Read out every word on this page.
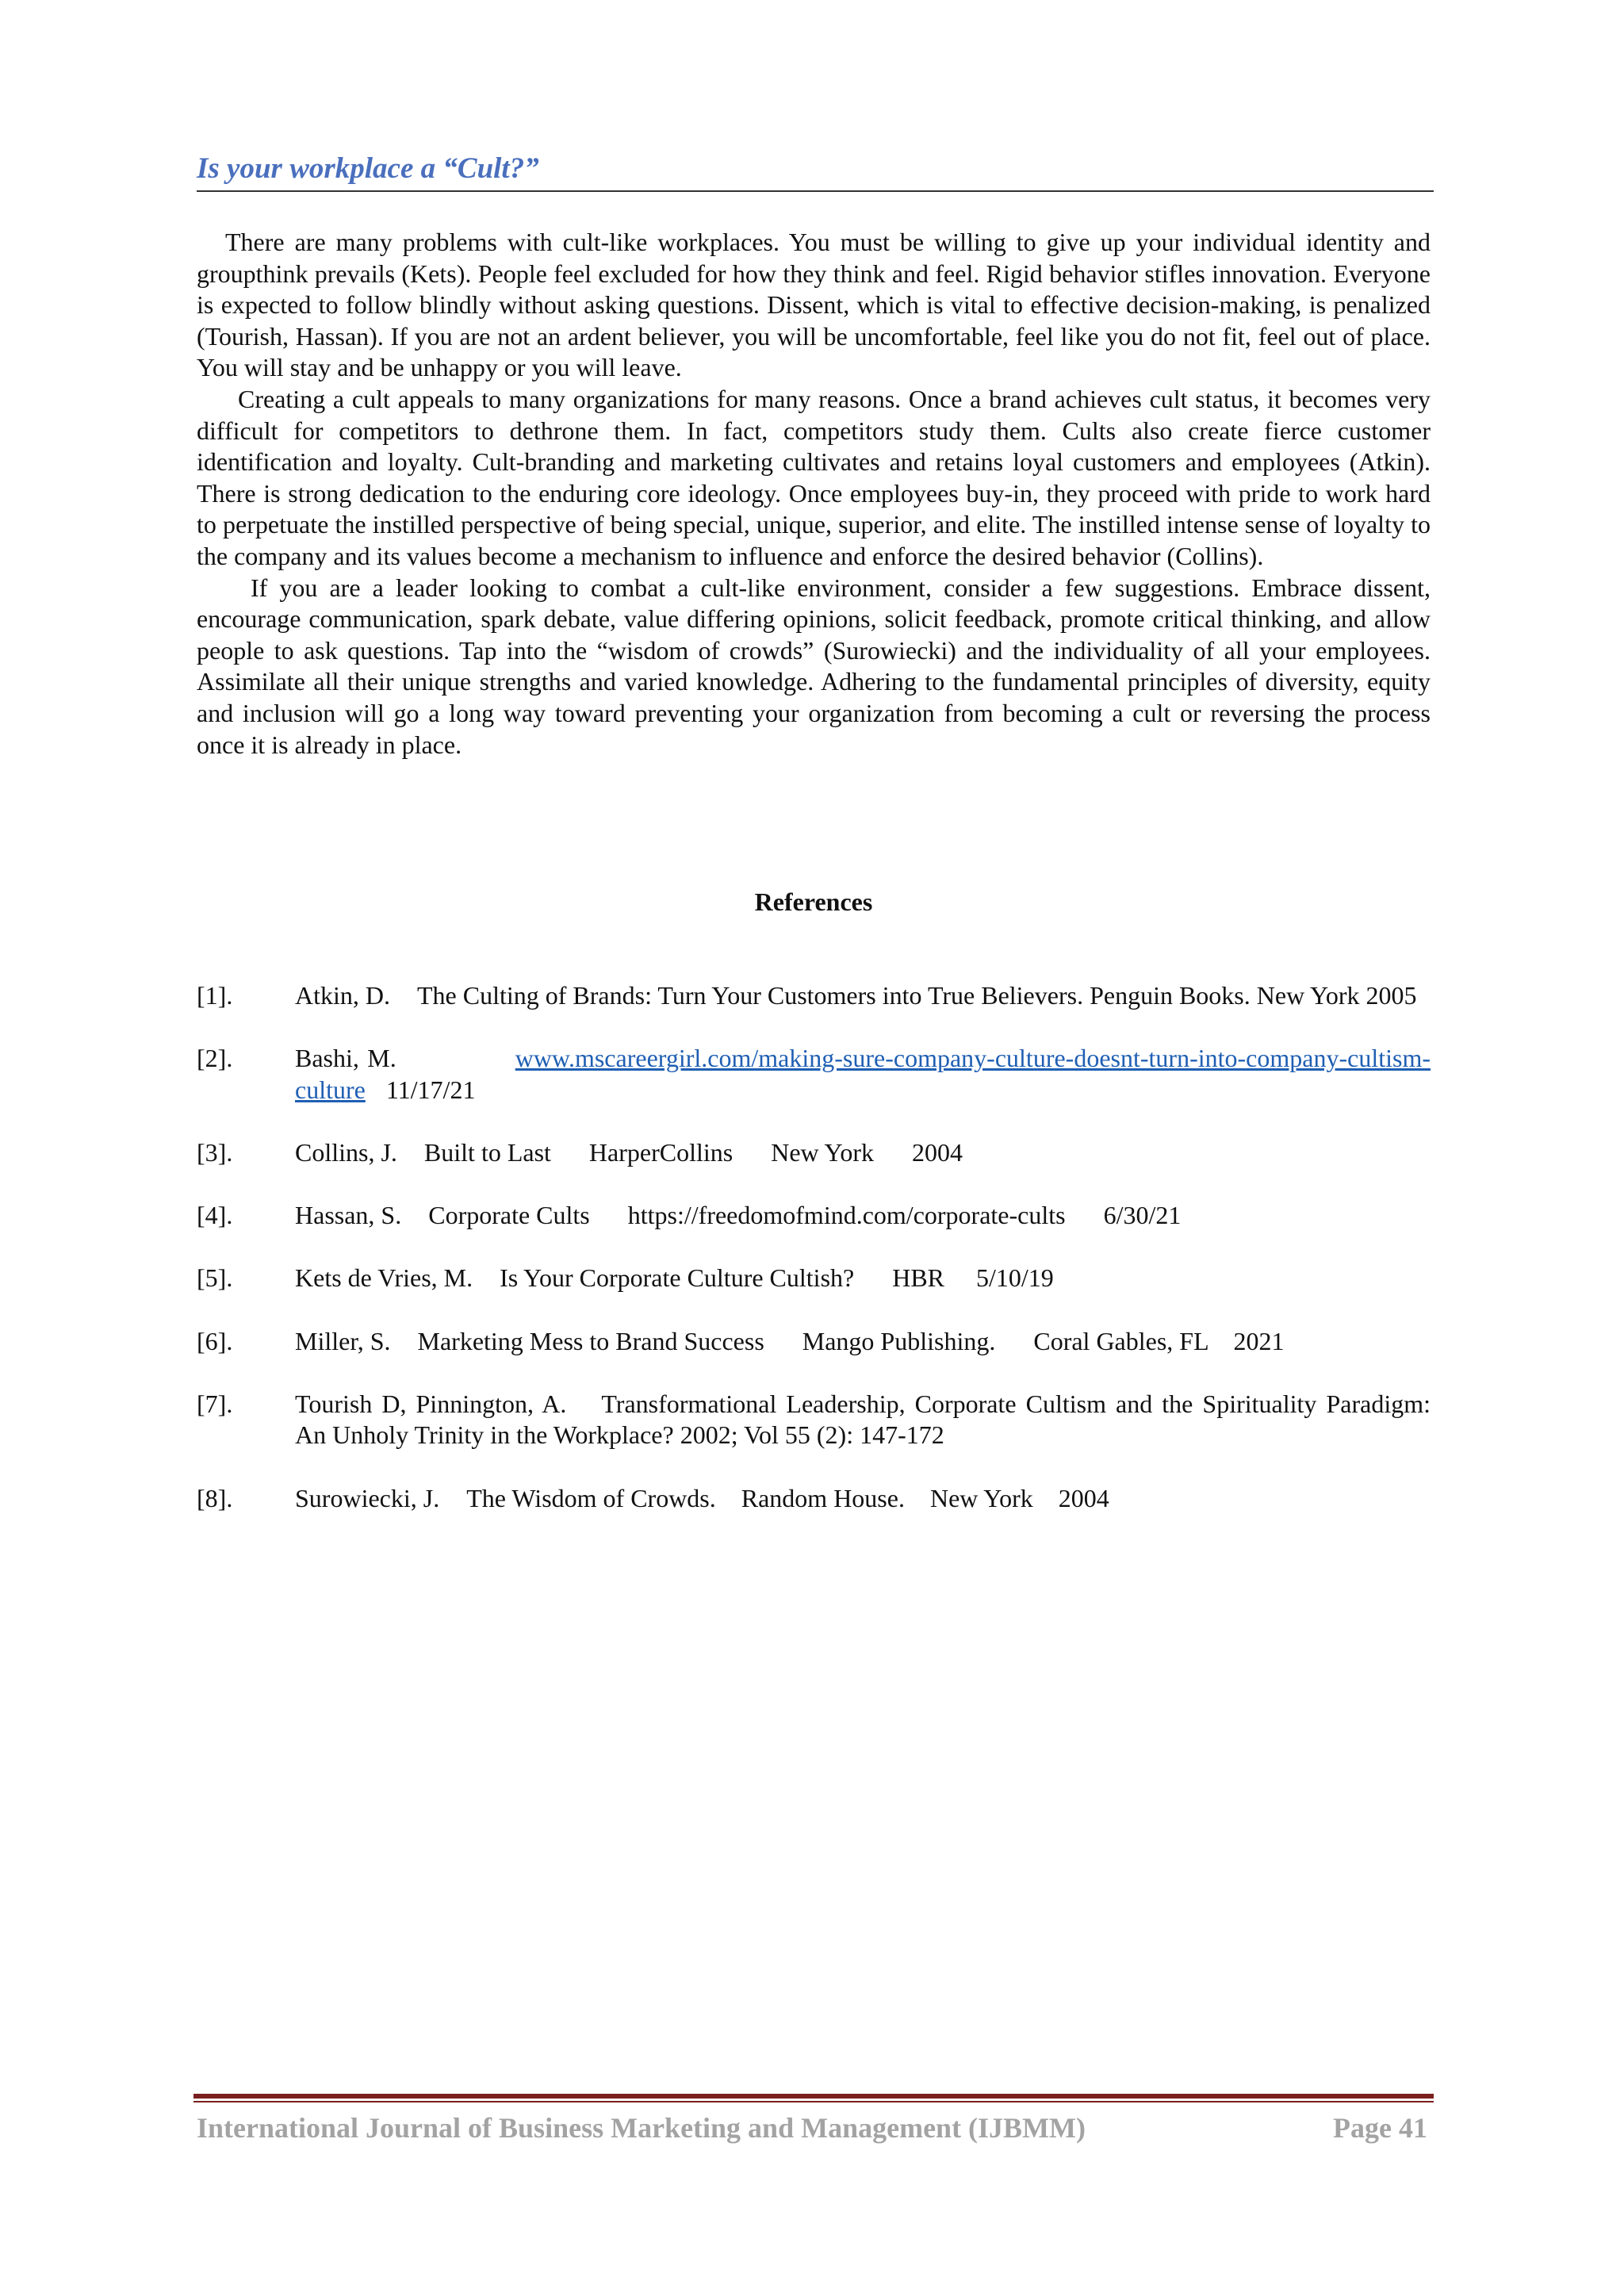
Is your workplace a “Cult?”

There are many problems with cult-like workplaces. You must be willing to give up your individual identity and groupthink prevails (Kets). People feel excluded for how they think and feel. Rigid behavior stifles innovation. Everyone is expected to follow blindly without asking questions. Dissent, which is vital to effective decision-making, is penalized (Tourish, Hassan). If you are not an ardent believer, you will be uncomfortable, feel like you do not fit, feel out of place. You will stay and be unhappy or you will leave.

Creating a cult appeals to many organizations for many reasons. Once a brand achieves cult status, it becomes very difficult for competitors to dethrone them. In fact, competitors study them. Cults also create fierce customer identification and loyalty. Cult-branding and marketing cultivates and retains loyal customers and employees (Atkin). There is strong dedication to the enduring core ideology. Once employees buy-in, they proceed with pride to work hard to perpetuate the instilled perspective of being special, unique, superior, and elite. The instilled intense sense of loyalty to the company and its values become a mechanism to influence and enforce the desired behavior (Collins).

If you are a leader looking to combat a cult-like environment, consider a few suggestions. Embrace dissent, encourage communication, spark debate, value differing opinions, solicit feedback, promote critical thinking, and allow people to ask questions. Tap into the “wisdom of crowds” (Surowiecki) and the individuality of all your employees. Assimilate all their unique strengths and varied knowledge. Adhering to the fundamental principles of diversity, equity and inclusion will go a long way toward preventing your organization from becoming a cult or reversing the process once it is already in place.

References
[1]. Atkin, D. The Culting of Brands: Turn Your Customers into True Believers. Penguin Books. New York 2005
[2]. Bashi, M.	www.mscareergirl.com/making-sure-company-culture-doesnt-turn-into-company-cultism-culture 11/17/21
[3]. Collins, J. Built to Last      HarperCollins      New York      2004
[4]. Hassan, S. Corporate Cults      https://freedomofmind.com/corporate-cults      6/30/21
[5]. Kets de Vries, M. Is Your Corporate Culture Cultish?      HBR     5/10/19
[6]. Miller, S. Marketing Mess to Brand Success      Mango Publishing.      Coral Gables, FL    2021
[7]. Tourish D, Pinnington, A. Transformational Leadership, Corporate Cultism and the Spirituality Paradigm: An Unholy Trinity in the Workplace? 2002; Vol 55 (2): 147-172
[8]. Surowiecki, J. The Wisdom of Crowds.    Random House.    New York    2004
International Journal of Business Marketing and Management (IJBMM)	Page 41
